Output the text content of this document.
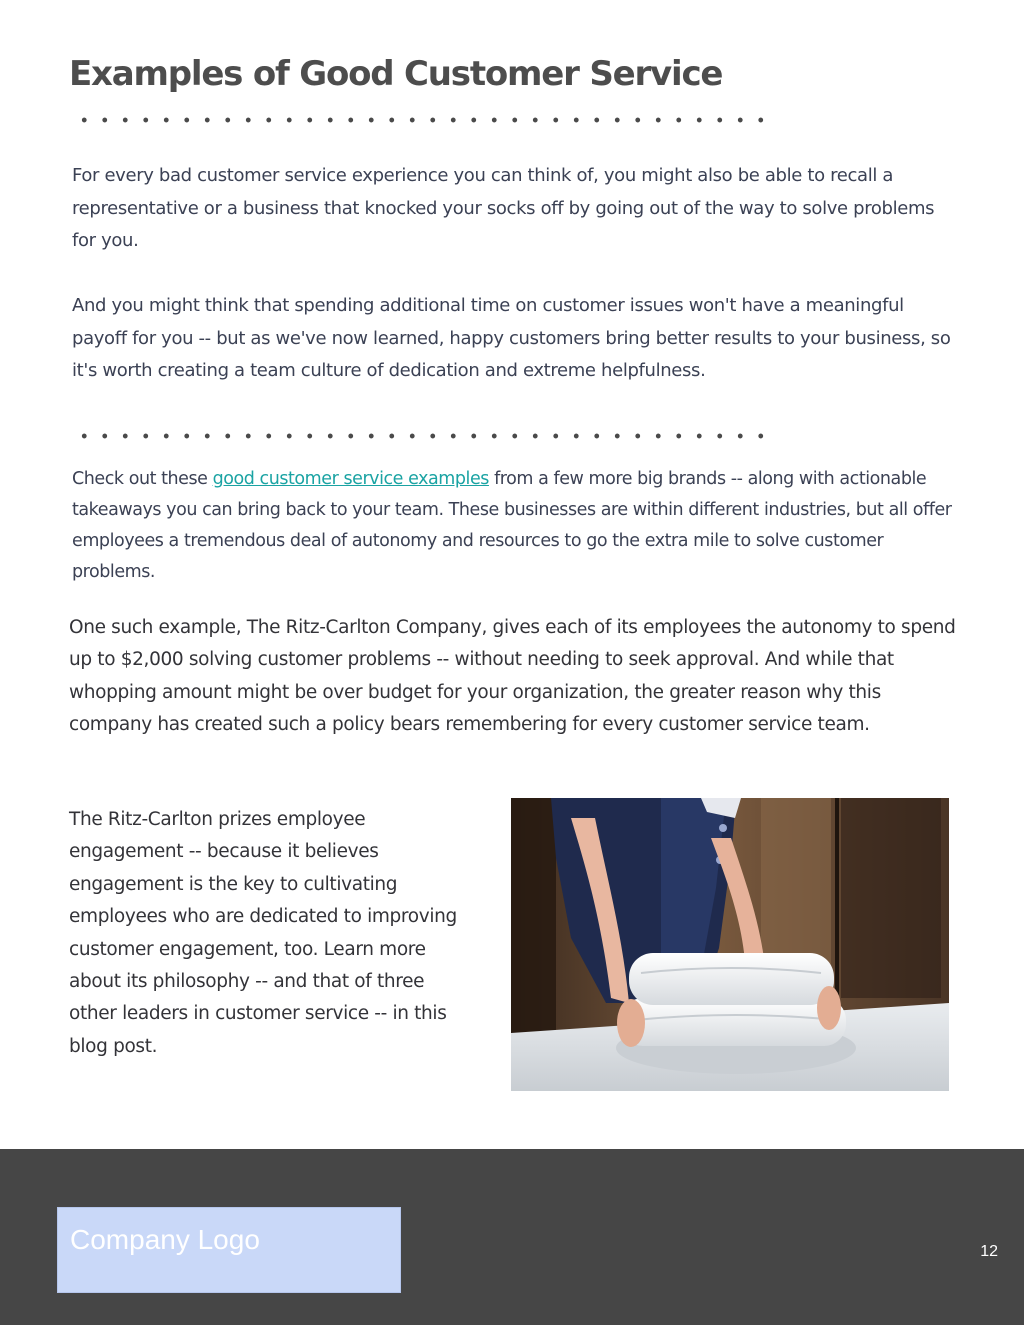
Examples of Good Customer Service

For every bad customer service experience you can think of, you might also be able to recall a representative or a business that knocked your socks off by going out of the way to solve problems for you.

And you might think that spending additional time on customer issues won't have a meaningful payoff for you -- but as we've now learned, happy customers bring better results to your business, so it's worth creating a team culture of dedication and extreme helpfulness.

Check out these good customer service examples from a few more big brands -- along with actionable takeaways you can bring back to your team. These businesses are within different industries, but all offer employees a tremendous deal of autonomy and resources to go the extra mile to solve customer problems.

One such example, The Ritz-Carlton Company, gives each of its employees the autonomy to spend up to $2,000 solving customer problems -- without needing to seek approval. And while that whopping amount might be over budget for your organization, the greater reason why this company has created such a policy bears remembering for every customer service team.

The Ritz-Carlton prizes employee engagement -- because it believes engagement is the key to cultivating employees who are dedicated to improving customer engagement, too. Learn more about its philosophy -- and that of three other leaders in customer service -- in this blog post.

Company Logo	12
